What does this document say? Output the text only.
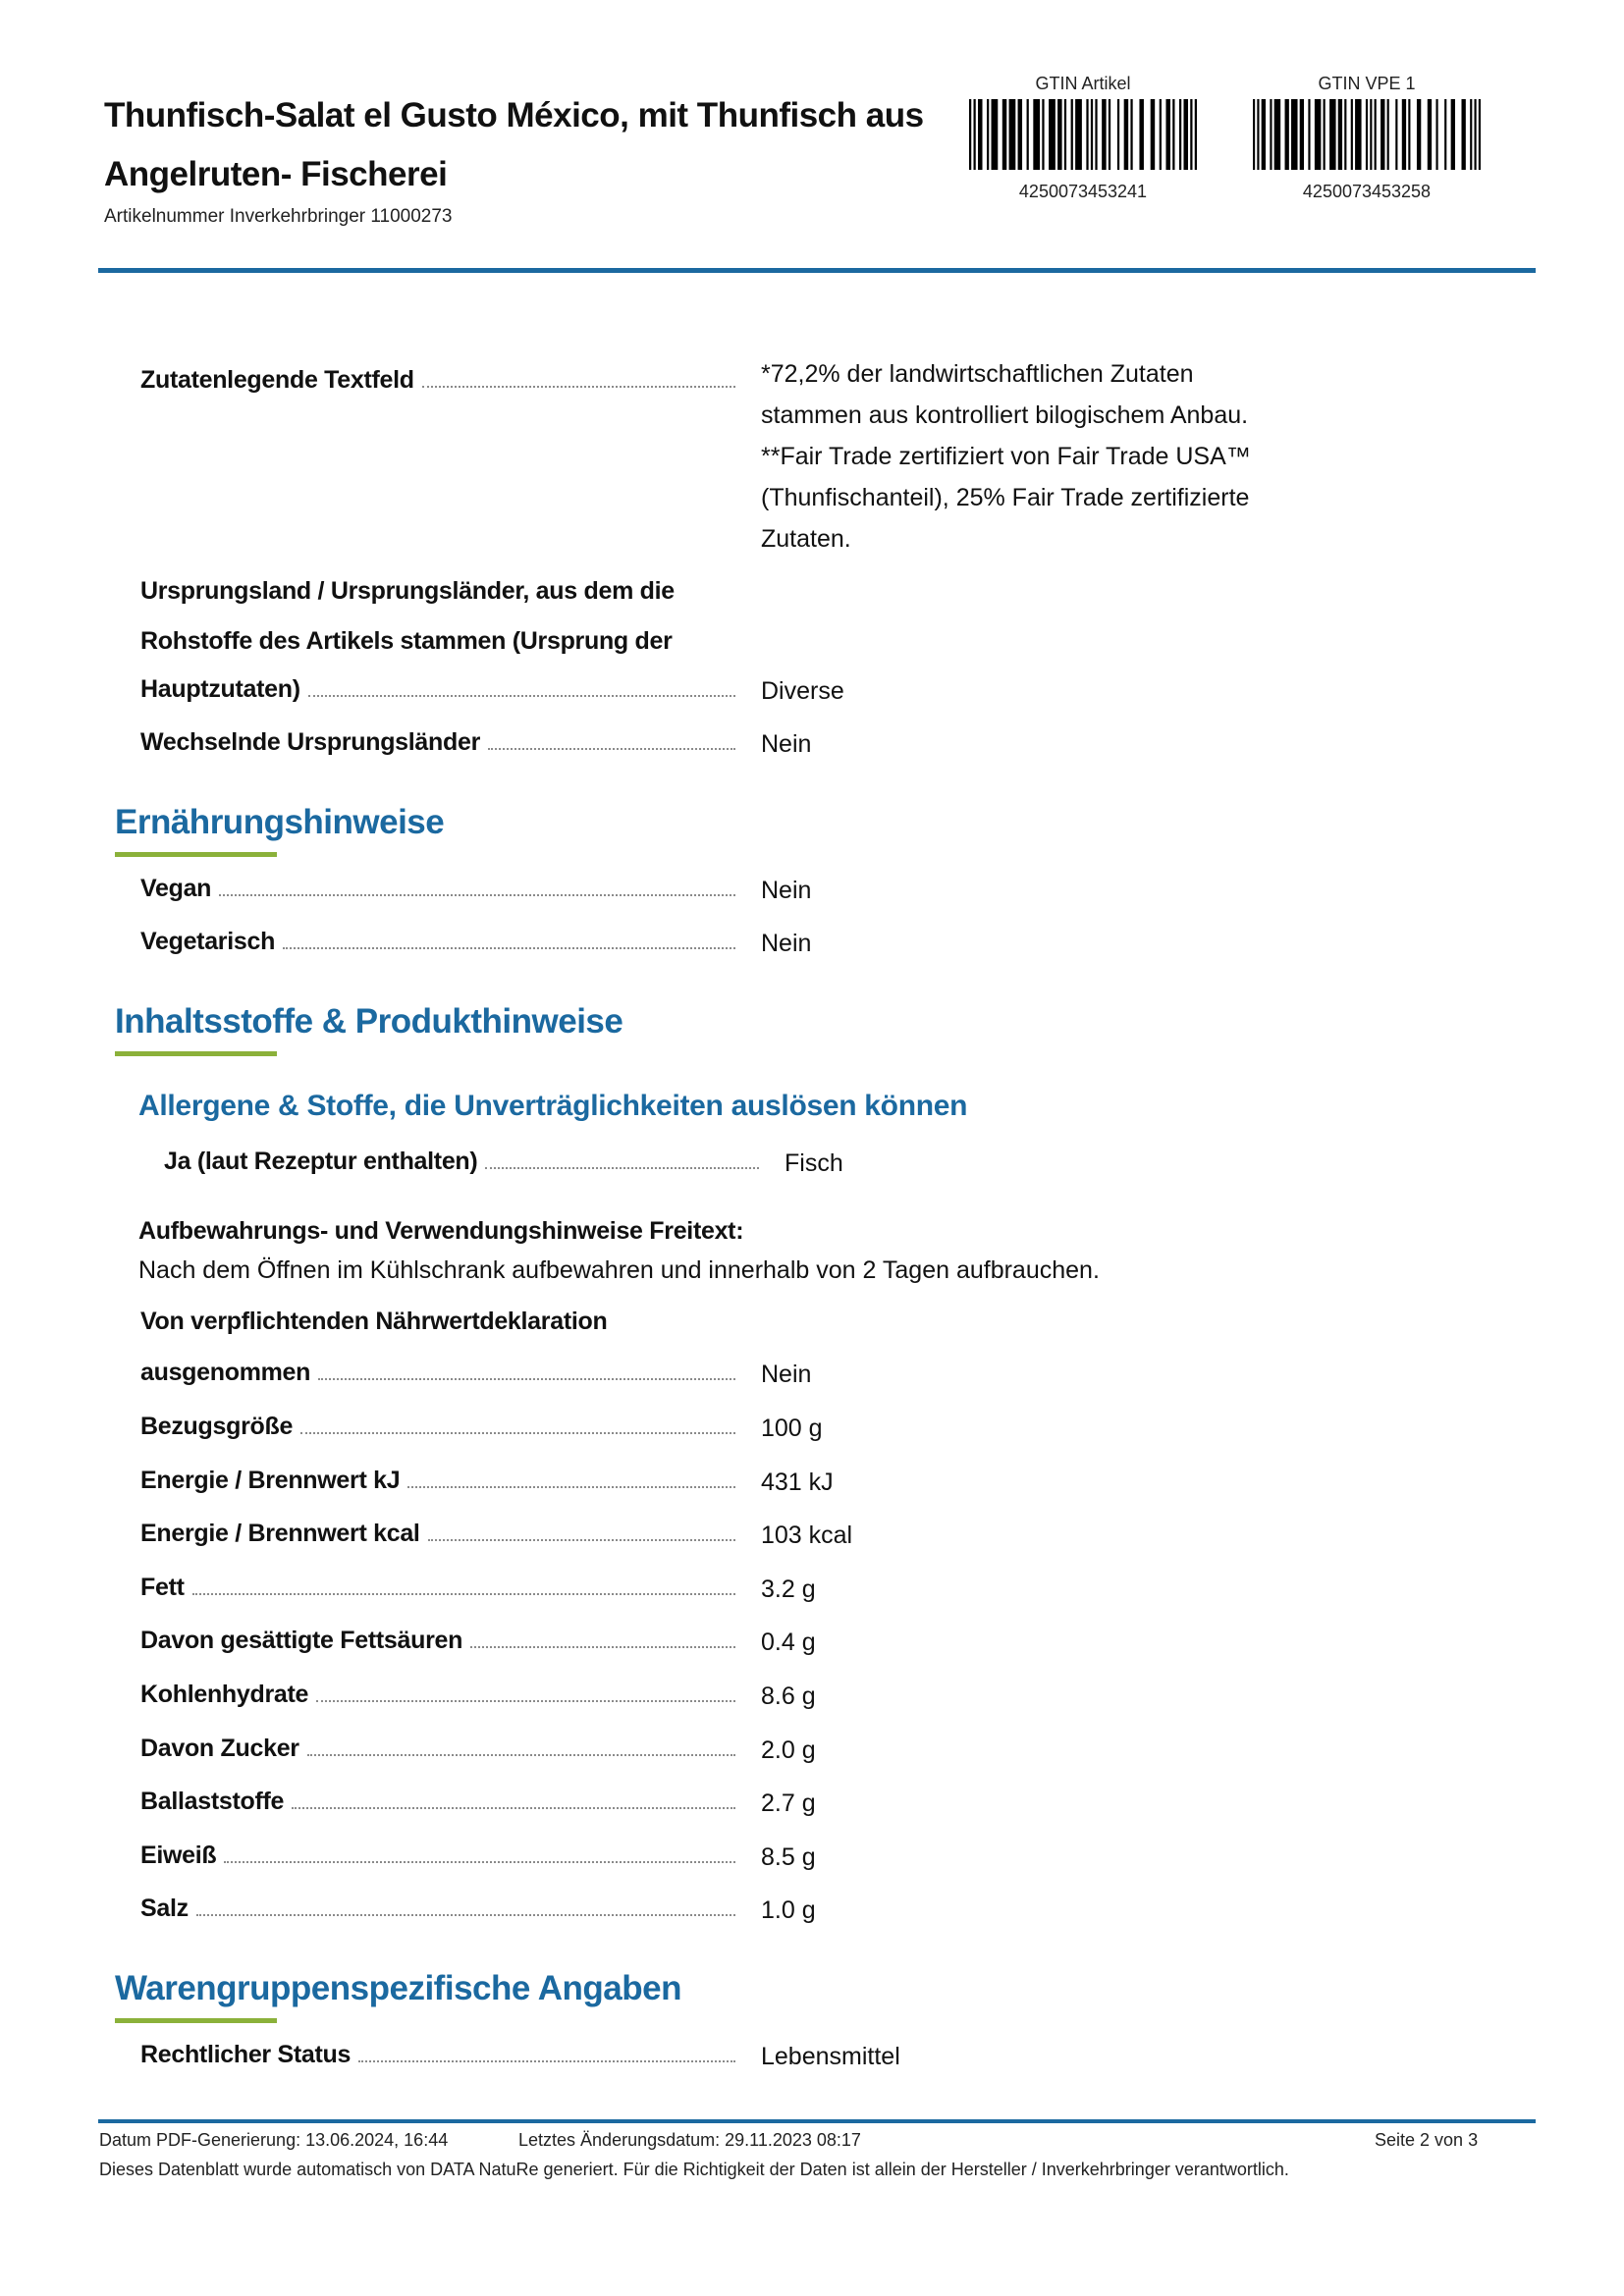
Thunfisch-Salat el Gusto México, mit Thunfisch aus
Angelruten- Fischerei
Artikelnummer Inverkehrbringer 11000273
GTIN Artikel
4250073453241
GTIN VPE 1
4250073453258
Zutatenlegende Textfeld	*72,2% der landwirtschaftlichen Zutaten
stammen aus kontrolliert bilogischem Anbau.
**Fair Trade zertifiziert von Fair Trade USA™
(Thunfischanteil), 25% Fair Trade zertifizierte
Zutaten.
Ursprungsland / Ursprungsländer, aus dem die
Rohstoffe des Artikels stammen (Ursprung der
Hauptzutaten)	Diverse
Wechselnde Ursprungsländer	Nein
Ernährungshinweise
Vegan	Nein
Vegetarisch	Nein
Inhaltsstoffe & Produkthinweise
Allergene & Stoffe, die Unverträglichkeiten auslösen können
Ja (laut Rezeptur enthalten)	Fisch
Aufbewahrungs- und Verwendungshinweise Freitext:
Nach dem Öffnen im Kühlschrank aufbewahren und innerhalb von 2 Tagen aufbrauchen.
Von verpflichtenden Nährwertdeklaration
ausgenommen	Nein
Bezugsgröße	100 g
Energie / Brennwert kJ	431 kJ
Energie / Brennwert kcal	103 kcal
Fett	3.2 g
Davon gesättigte Fettsäuren	0.4 g
Kohlenhydrate	8.6 g
Davon Zucker	2.0 g
Ballaststoffe	2.7 g
Eiweiß	8.5 g
Salz	1.0 g
Warengruppenspezifische Angaben
Rechtlicher Status	Lebensmittel
Datum PDF-Generierung: 13.06.2024, 16:44	Letztes Änderungsdatum: 29.11.2023 08:17	Seite 2 von 3
Dieses Datenblatt wurde automatisch von DATA NatuRe generiert. Für die Richtigkeit der Daten ist allein der Hersteller / Inverkehrbringer verantwortlich.
